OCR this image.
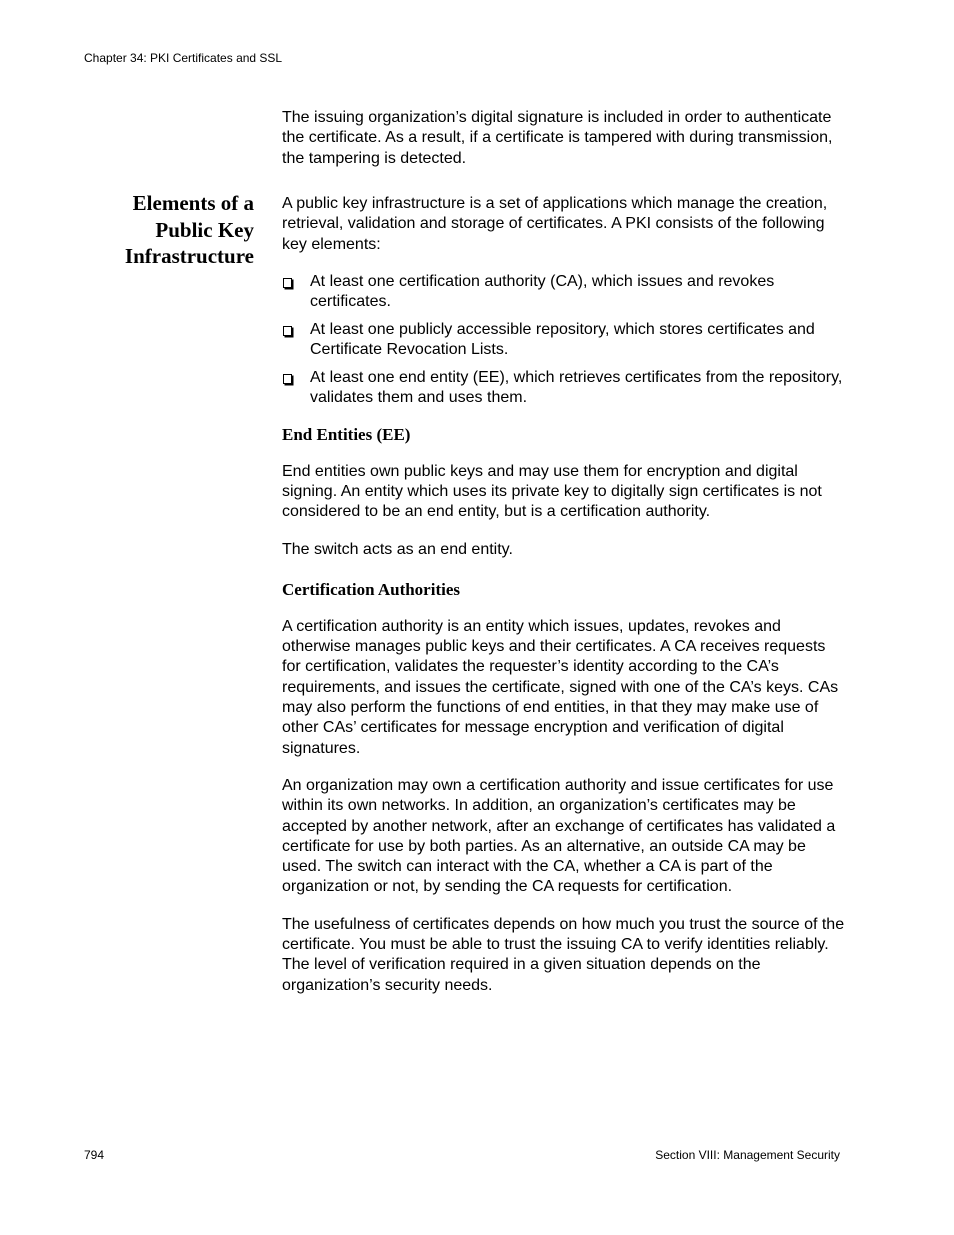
Chapter 34: PKI Certificates and SSL

The issuing organization’s digital signature is included in order to authenticate the certificate. As a result, if a certificate is tampered with during transmission, the tampering is detected.

Elements of a
Public Key
Infrastructure

A public key infrastructure is a set of applications which manage the creation, retrieval, validation and storage of certificates. A PKI consists of the following key elements:

At least one certification authority (CA), which issues and revokes certificates.
At least one publicly accessible repository, which stores certificates and Certificate Revocation Lists.
At least one end entity (EE), which retrieves certificates from the repository, validates them and uses them.
End Entities (EE)

End entities own public keys and may use them for encryption and digital signing. An entity which uses its private key to digitally sign certificates is not considered to be an end entity, but is a certification authority.

The switch acts as an end entity.

Certification Authorities

A certification authority is an entity which issues, updates, revokes and otherwise manages public keys and their certificates. A CA receives requests for certification, validates the requester’s identity according to the CA’s requirements, and issues the certificate, signed with one of the CA’s keys. CAs may also perform the functions of end entities, in that they may make use of other CAs’ certificates for message encryption and verification of digital signatures.

An organization may own a certification authority and issue certificates for use within its own networks. In addition, an organization’s certificates may be accepted by another network, after an exchange of certificates has validated a certificate for use by both parties. As an alternative, an outside CA may be used. The switch can interact with the CA, whether a CA is part of the organization or not, by sending the CA requests for certification.

The usefulness of certificates depends on how much you trust the source of the certificate. You must be able to trust the issuing CA to verify identities reliably. The level of verification required in a given situation depends on the organization’s security needs.

794	Section VIII: Management Security
